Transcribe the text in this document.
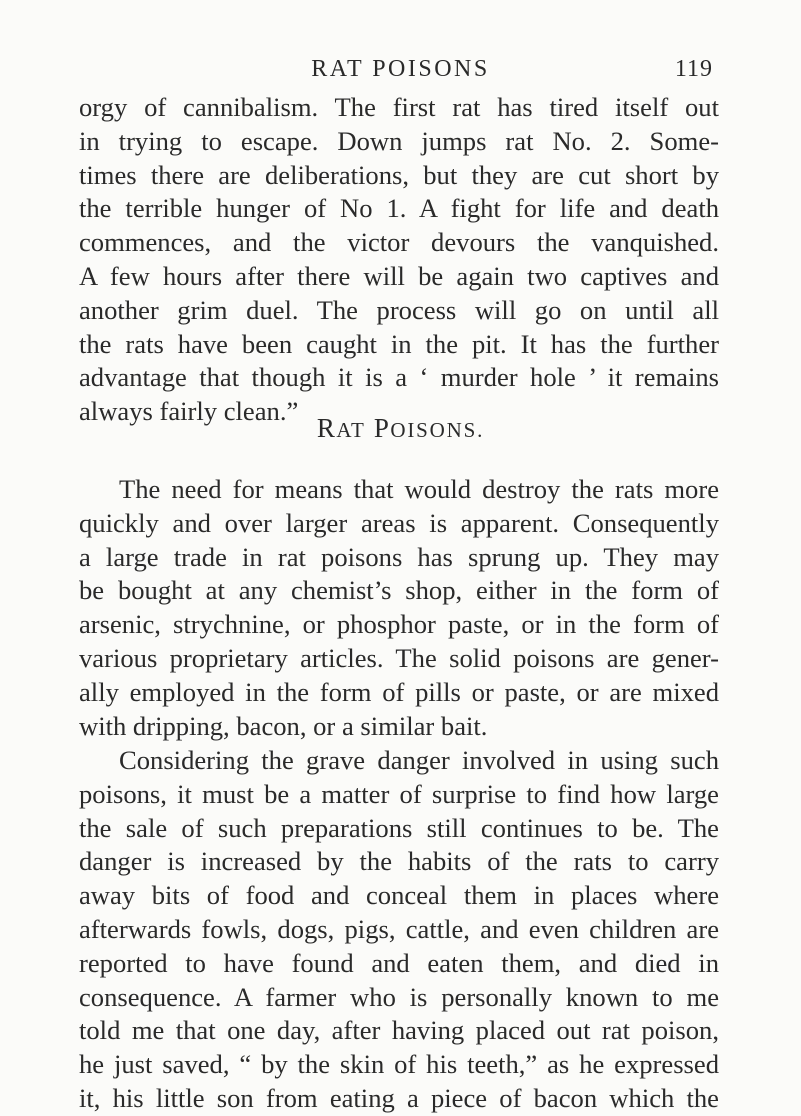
RAT POISONS	119
orgy of cannibalism. The first rat has tired itself out
in trying to escape. Down jumps rat No. 2. Some-
times there are deliberations, but they are cut short by
the terrible hunger of No 1. A fight for life and death
commences, and the victor devours the vanquished.
A few hours after there will be again two captives and
another grim duel. The process will go on until all
the rats have been caught in the pit. It has the further
advantage that though it is a ‘ murder hole ’ it remains
always fairly clean.”
RAT POISONS.
The need for means that would destroy the rats more
quickly and over larger areas is apparent. Consequently
a large trade in rat poisons has sprung up. They may
be bought at any chemist’s shop, either in the form of
arsenic, strychnine, or phosphor paste, or in the form of
various proprietary articles. The solid poisons are gener-
ally employed in the form of pills or paste, or are mixed
with dripping, bacon, or a similar bait.
Considering the grave danger involved in using such
poisons, it must be a matter of surprise to find how large
the sale of such preparations still continues to be. The
danger is increased by the habits of the rats to carry
away bits of food and conceal them in places where
afterwards fowls, dogs, pigs, cattle, and even children are
reported to have found and eaten them, and died in
consequence. A farmer who is personally known to me
told me that one day, after having placed out rat poison,
he just saved, “ by the skin of his teeth,” as he expressed
it, his little son from eating a piece of bacon which the
